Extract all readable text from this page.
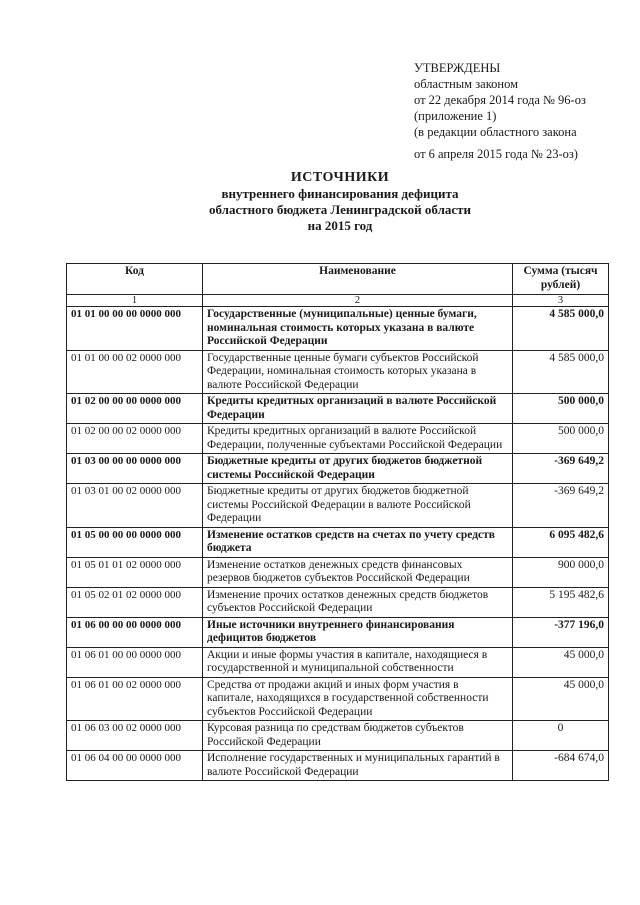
УТВЕРЖДЕНЫ
областным законом
от 22 декабря 2014 года № 96-оз
(приложение 1)
(в редакции областного закона
от 6 апреля 2015 года № 23-оз)
ИСТОЧНИКИ
внутреннего финансирования дефицита
областного бюджета Ленинградской области
на 2015 год
Код	Наименование	Сумма (тысяч рублей)
1	2	3
01 01 00 00 00 0000 000	Государственные (муниципальные) ценные бумаги, номинальная стоимость которых указана в валюте Российской Федерации	4 585 000,0
01 01 00 00 02 0000 000	Государственные ценные бумаги субъектов Российской Федерации, номинальная стоимость которых указана в валюте Российской Федерации	4 585 000,0
01 02 00 00 00 0000 000	Кредиты кредитных организаций в валюте Российской Федерации	500 000,0
01 02 00 00 02 0000 000	Кредиты кредитных организаций в валюте Российской Федерации, полученные субъектами Российской Федерации	500 000,0
01 03 00 00 00 0000 000	Бюджетные кредиты от других бюджетов бюджетной системы Российской Федерации	-369 649,2
01 03 01 00 02 0000 000	Бюджетные кредиты от других бюджетов бюджетной системы Российской Федерации в валюте Российской Федерации	-369 649,2
01 05 00 00 00 0000 000	Изменение остатков средств на счетах по учету средств бюджета	6 095 482,6
01 05 01 01 02 0000 000	Изменение остатков денежных средств финансовых резервов бюджетов субъектов Российской Федерации	900 000,0
01 05 02 01 02 0000 000	Изменение прочих остатков денежных средств бюджетов субъектов Российской Федерации	5 195 482,6
01 06 00 00 00 0000 000	Иные источники внутреннего финансирования дефицитов бюджетов	-377 196,0
01 06 01 00 00 0000 000	Акции и иные формы участия в капитале, находящиеся в государственной и муниципальной собственности	45 000,0
01 06 01 00 02 0000 000	Средства от продажи акций и иных форм участия в капитале, находящихся в государственной собственности субъектов Российской Федерации	45 000,0
01 06 03 00 02 0000 000	Курсовая разница по средствам бюджетов субъектов Российской Федерации	0
01 06 04 00 00 0000 000	Исполнение государственных и муниципальных гарантий в валюте Российской Федерации	-684 674,0
